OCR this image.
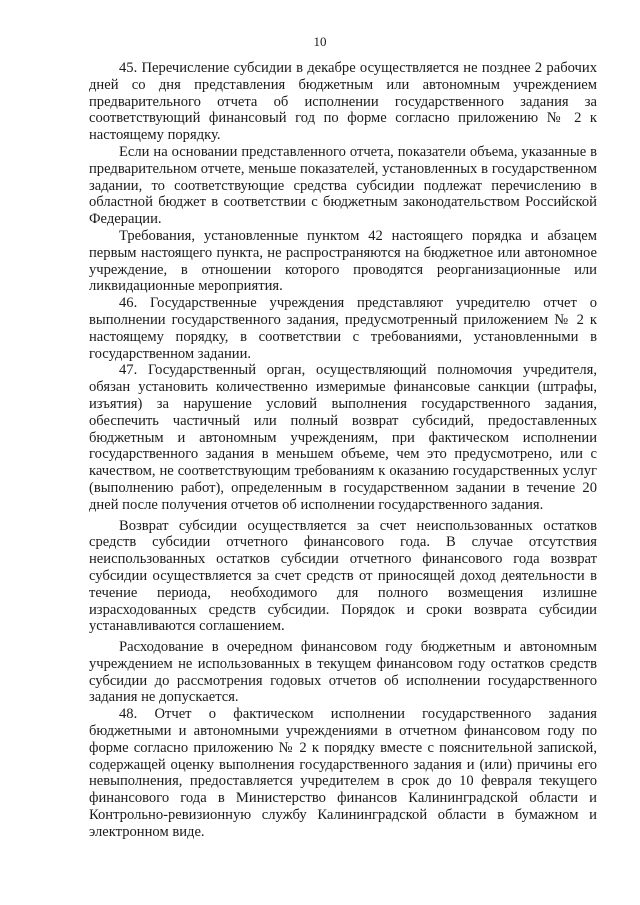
10

45. Перечисление субсидии в декабре осуществляется не позднее 2 рабочих дней со дня представления бюджетным или автономным учреждением предварительного отчета об исполнении государственного задания за соответствующий финансовый год по форме согласно приложению № 2 к настоящему порядку.

Если на основании представленного отчета, показатели объема, указанные в предварительном отчете, меньше показателей, установленных в государственном задании, то соответствующие средства субсидии подлежат перечислению в областной бюджет в соответствии с бюджетным законодательством Российской Федерации.

Требования, установленные пунктом 42 настоящего порядка и абзацем первым настоящего пункта, не распространяются на бюджетное или автономное учреждение, в отношении которого проводятся реорганизационные или ликвидационные мероприятия.

46. Государственные учреждения представляют учредителю отчет о выполнении государственного задания, предусмотренный приложением № 2 к настоящему порядку, в соответствии с требованиями, установленными в государственном задании.

47. Государственный орган, осуществляющий полномочия учредителя, обязан установить количественно измеримые финансовые санкции (штрафы, изъятия) за нарушение условий выполнения государственного задания, обеспечить частичный или полный возврат субсидий, предоставленных бюджетным и автономным учреждениям, при фактическом исполнении государственного задания в меньшем объеме, чем это предусмотрено, или с качеством, не соответствующим требованиям к оказанию государственных услуг (выполнению работ), определенным в государственном задании в течение 20 дней после получения отчетов об исполнении государственного задания.

Возврат субсидии осуществляется за счет неиспользованных остатков средств субсидии отчетного финансового года. В случае отсутствия неиспользованных остатков субсидии отчетного финансового года возврат субсидии осуществляется за счет средств от приносящей доход деятельности в течение периода, необходимого для полного возмещения излишне израсходованных средств субсидии. Порядок и сроки возврата субсидии устанавливаются соглашением.

Расходование в очередном финансовом году бюджетным и автономным учреждением не использованных в текущем финансовом году остатков средств субсидии до рассмотрения годовых отчетов об исполнении государственного задания не допускается.

48. Отчет о фактическом исполнении государственного задания бюджетными и автономными учреждениями в отчетном финансовом году по форме согласно приложению № 2 к порядку вместе с пояснительной запиской, содержащей оценку выполнения государственного задания и (или) причины его невыполнения, предоставляется учредителем в срок до 10 февраля текущего финансового года в Министерство финансов Калининградской области и Контрольно-ревизионную службу Калининградской области в бумажном и электронном виде.
